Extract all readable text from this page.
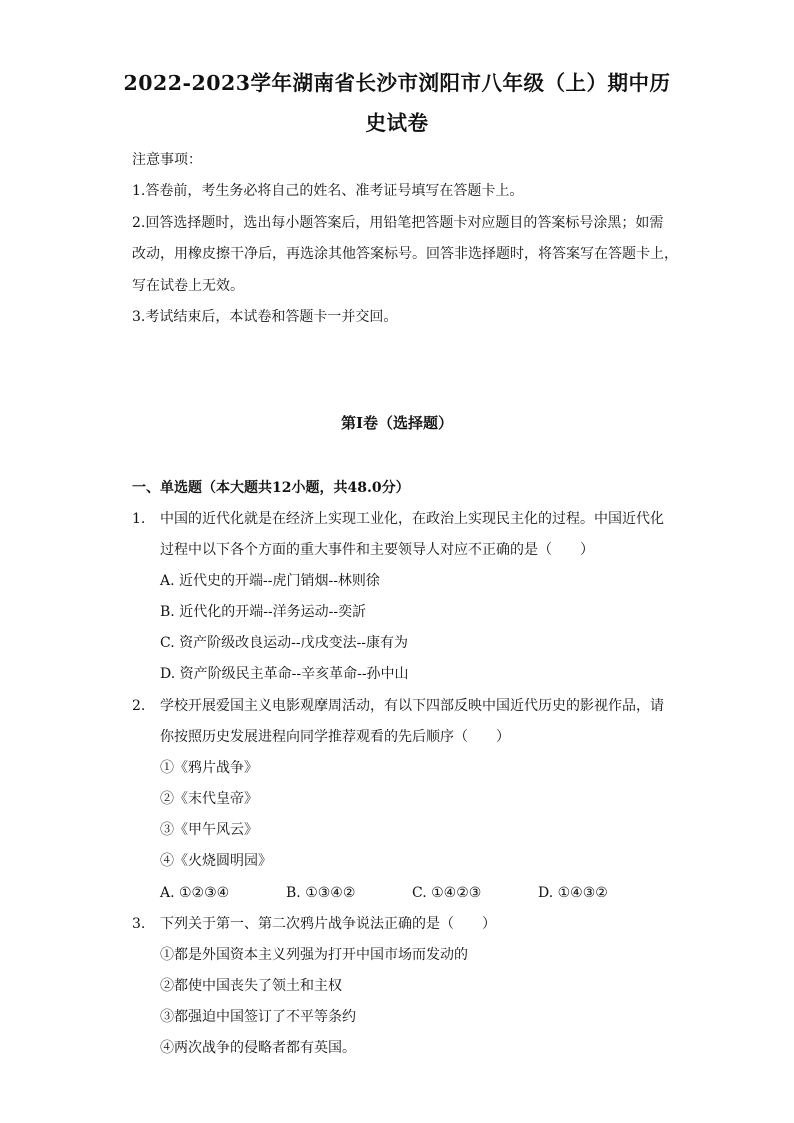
2022-2023学年湖南省长沙市浏阳市八年级（上）期中历
史试卷
注意事项：
1.答卷前，考生务必将自己的姓名、准考证号填写在答题卡上。
2.回答选择题时，选出每小题答案后，用铅笔把答题卡对应题目的答案标号涂黑；如需
改动，用橡皮擦干净后，再选涂其他答案标号。回答非选择题时，将答案写在答题卡上，
写在试卷上无效。
3.考试结束后，本试卷和答题卡一并交回。
第I卷（选择题）
一、单选题（本大题共12小题，共48.0分）
1. 中国的近代化就是在经济上实现工业化，在政治上实现民主化的过程。中国近代化
过程中以下各个方面的重大事件和主要领导人对应不正确的是（　　）
A. 近代史的开端--虎门销烟--林则徐
B. 近代化的开端--洋务运动--奕訢
C. 资产阶级改良运动--戊戌变法--康有为
D. 资产阶级民主革命--辛亥革命--孙中山
2. 学校开展爱国主义电影观摩周活动，有以下四部反映中国近代历史的影视作品，请
你按照历史发展进程向同学推荐观看的先后顺序（　　）
①《鸦片战争》
②《末代皇帝》
③《甲午风云》
④《火烧圆明园》
A. ①②③④	B. ①③④②	C. ①④②③	D. ①④③②
3. 下列关于第一、第二次鸦片战争说法正确的是（　　）
①都是外国资本主义列强为打开中国市场而发动的
②都使中国丧失了领土和主权
③都强迫中国签订了不平等条约
④两次战争的侵略者都有英国。
